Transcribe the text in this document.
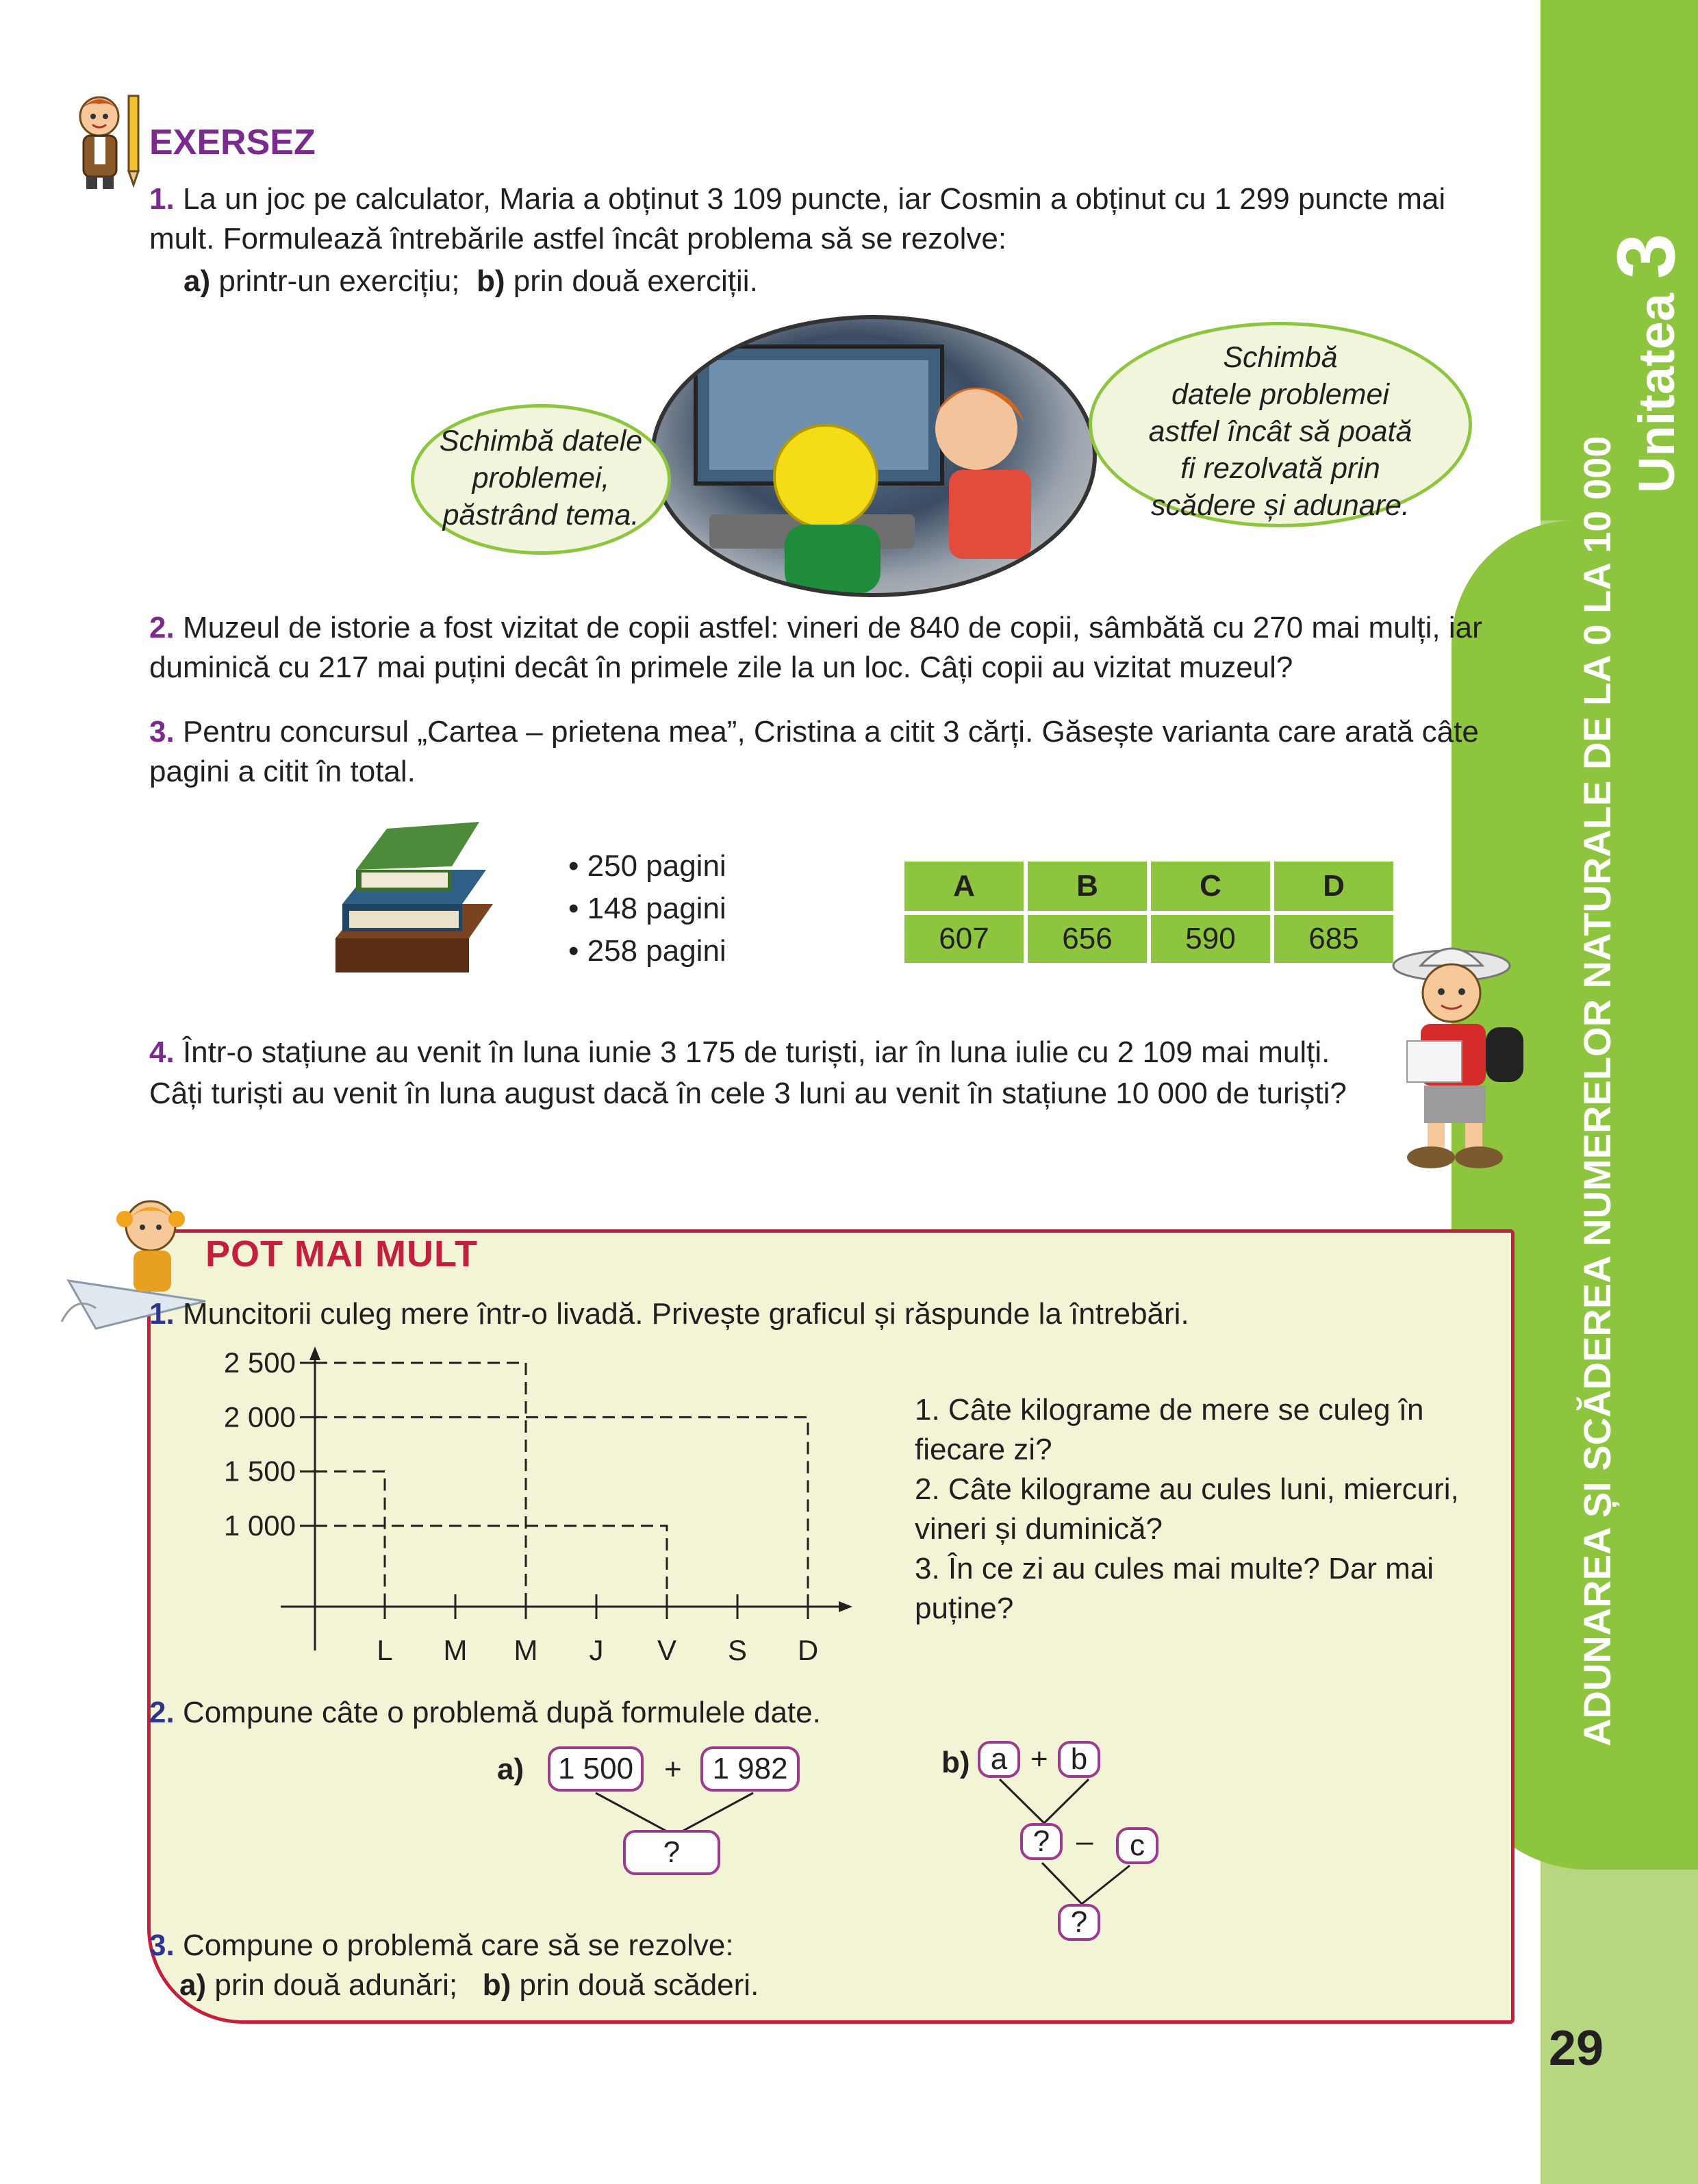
Unitatea 3
ADUNAREA ȘI SCĂDEREA NUMERELOR NATURALE DE LA 0 LA 10 000
29
EXERSEZ
1. La un joc pe calculator, Maria a obținut 3 109 puncte, iar Cosmin a obținut cu 1 299 puncte mai
mult. Formulează întrebările astfel încât problema să se rezolve:
a) printr-un exercițiu; b) prin două exerciții.
Schimbă datele
problemei,
păstrând tema.
Schimbă
datele problemei
astfel încât să poată
fi rezolvată prin
scădere și adunare.
2. Muzeul de istorie a fost vizitat de copii astfel: vineri de 840 de copii, sâmbătă cu 270 mai mulți, iar
duminică cu 217 mai puțini decât în primele zile la un loc. Câți copii au vizitat muzeul?
3. Pentru concursul „Cartea – prietena mea”, Cristina a citit 3 cărți. Găsește varianta care arată câte
pagini a citit în total.
• 250 pagini
• 148 pagini
• 258 pagini
A	B	C	D
607	656	590	685
4. Într-o stațiune au venit în luna iunie 3 175 de turiști, iar în luna iulie cu 2 109 mai mulți.
Câți turiști au venit în luna august dacă în cele 3 luni au venit în stațiune 10 000 de turiști?
POT MAI MULT
1. Muncitorii culeg mere într-o livadă. Privește graficul și răspunde la întrebări.
1 000
1 500
2 000
2 500
L M M J V S D
1. Câte kilograme de mere se culeg în
fiecare zi?
2. Câte kilograme au cules luni, miercuri,
vineri și duminică?
3. În ce zi au cules mai multe? Dar mai
puține?
2. Compune câte o problemă după formulele date.
a)	1 500	+	1 982
?
b) a + b
? –	c
?
3. Compune o problemă care să se rezolve:
a) prin două adunări; b) prin două scăderi.
